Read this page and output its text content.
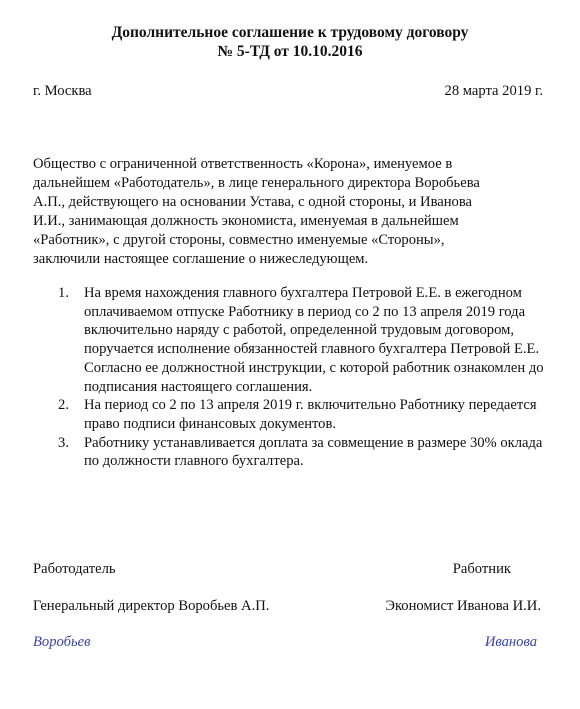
Дополнительное соглашение к трудовому договору
№ 5-ТД от 10.10.2016
г. Москва	28 марта 2019 г.

Общество с ограниченной ответственность «Корона», именуемое в дальнейшем «Работодатель», в лице генерального директора Воробьева А.П., действующего на основании Устава, с одной стороны, и Иванова И.И., занимающая должность экономиста, именуемая в дальнейшем «Работник», с другой стороны, совместно именуемые «Стороны», заключили настоящее соглашение о нижеследующем.

1. На время нахождения главного бухгалтера Петровой Е.Е. в ежегодном оплачиваемом отпуске Работнику в период со 2 по 13 апреля 2019 года включительно наряду с работой, определенной трудовым договором, поручается исполнение обязанностей главного бухгалтера Петровой Е.Е. Согласно ее должностной инструкции, с которой работник ознакомлен до подписания настоящего соглашения.
2. На период со 2 по 13 апреля 2019 г. включительно Работнику передается право подписи финансовых документов.
3. Работнику устанавливается доплата за совмещение в размере 30% оклада по должности главного бухгалтера.
Работодатель	Работник
Генеральный директор Воробьев А.П.	Экономист Иванова И.И.
Воробьев	Иванова
